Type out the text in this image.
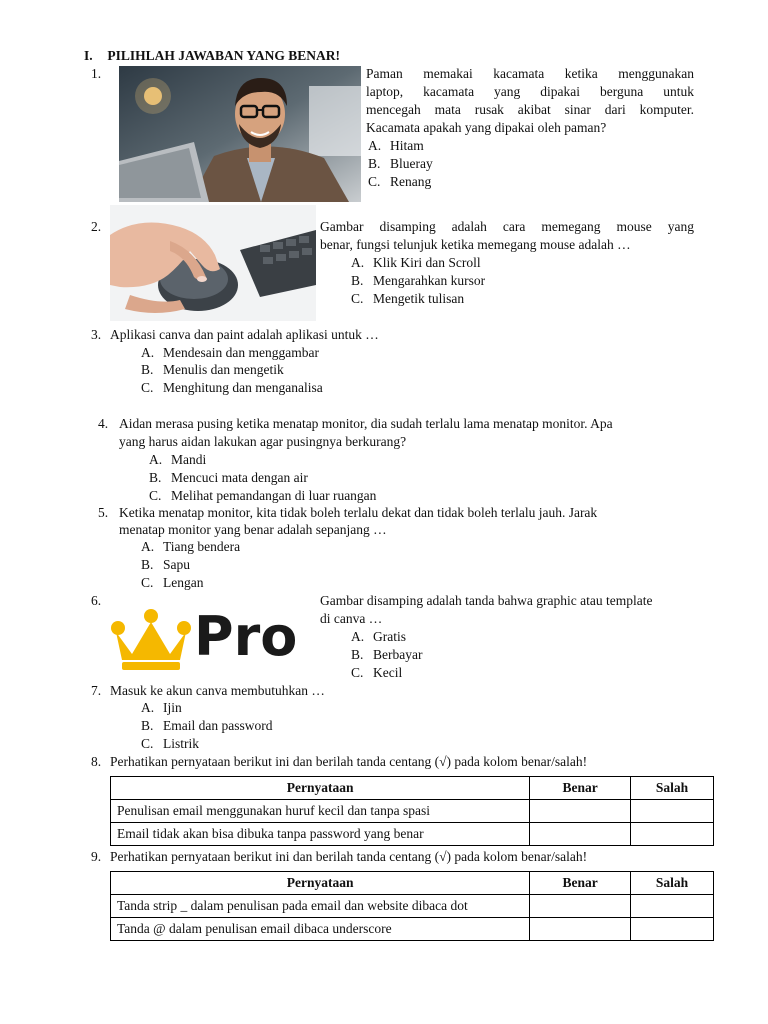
I. PILIHLAH JAWABAN YANG BENAR!
1.	Paman memakai kacamata ketika menggunakan
laptop, kacamata yang dipakai berguna untuk
mencegah mata rusak akibat sinar dari komputer.
Kacamata apakah yang dipakai oleh paman?
A. Hitam
B. Blueray
C. Renang
2.	Gambar disamping adalah cara memegang mouse yang
benar, fungsi telunjuk ketika memegang mouse adalah …
A. Klik Kiri dan Scroll
B. Mengarahkan kursor
C. Mengetik tulisan
3. Aplikasi canva dan paint adalah aplikasi untuk …
A. Mendesain dan menggambar
B. Menulis dan mengetik
C. Menghitung dan menganalisa
4. Aidan merasa pusing ketika menatap monitor, dia sudah terlalu lama menatap monitor. Apa
yang harus aidan lakukan agar pusingnya berkurang?
A. Mandi
B. Mencuci mata dengan air
C. Melihat pemandangan di luar ruangan
5. Ketika menatap monitor, kita tidak boleh terlalu dekat dan tidak boleh terlalu jauh. Jarak
menatap monitor yang benar adalah sepanjang …
A. Tiang bendera
B. Sapu
C. Lengan
6.
Pro
Gambar disamping adalah tanda bahwa graphic atau template
di canva …
A. Gratis
B. Berbayar
C. Kecil
7. Masuk ke akun canva membutuhkan …
A. Ijin
B. Email dan password
C. Listrik
8. Perhatikan pernyataan berikut ini dan berilah tanda centang (√) pada kolom benar/salah!
Pernyataan	Benar	Salah
Penulisan email menggunakan huruf kecil dan tanpa spasi		
Email tidak akan bisa dibuka tanpa password yang benar		
9. Perhatikan pernyataan berikut ini dan berilah tanda centang (√) pada kolom benar/salah!
Pernyataan	Benar	Salah
Tanda strip _ dalam penulisan pada email dan website dibaca dot		
Tanda @ dalam penulisan email dibaca underscore		
